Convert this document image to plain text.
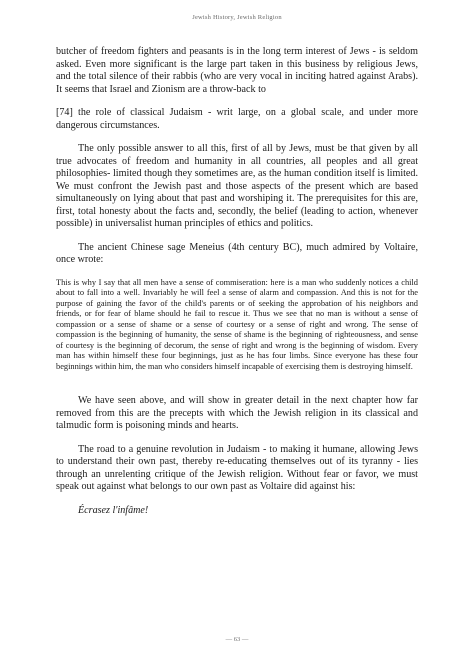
Jewish History, Jewish Religion

butcher of freedom fighters and peasants is in the long term interest of Jews - is seldom asked. Even more significant is the large part taken in this business by religious Jews, and the total silence of their rabbis (who are very vocal in inciting hatred against Arabs). It seems that Israel and Zionism are a throw-back to

[74] the role of classical Judaism - writ large, on a global scale, and under more dangerous circumstances.

The only possible answer to all this, first of all by Jews, must be that given by all true advocates of freedom and humanity in all countries, all peoples and all great philosophies- limited though they sometimes are, as the human condition itself is limited. We must confront the Jewish past and those aspects of the present which are based simultaneously on lying about that past and worshiping it. The prerequisites for this are, first, total honesty about the facts and, secondly, the belief (leading to action, whenever possible) in universalist human principles of ethics and politics.

The ancient Chinese sage Meneius (4th century BC), much admired by Voltaire, once wrote:

This is why I say that all men have a sense of commiseration: here is a man who suddenly notices a child about to fall into a well. Invariably he will feel a sense of alarm and compassion. And this is not for the purpose of gaining the favor of the child's parents or of seeking the approbation of his neighbors and friends, or for fear of blame should he fail to rescue it. Thus we see that no man is without a sense of compassion or a sense of shame or a sense of courtesy or a sense of right and wrong. The sense of compassion is the beginning of humanity, the sense of shame is the beginning of righteousness, and sense of courtesy is the beginning of decorum, the sense of right and wrong is the beginning of wisdom. Every man has within himself these four beginnings, just as he has four limbs. Since everyone has these four beginnings within him, the man who considers himself incapable of exercising them is destroying himself.

We have seen above, and will show in greater detail in the next chapter how far removed from this are the precepts with which the Jewish religion in its classical and talmudic form is poisoning minds and hearts.

The road to a genuine revolution in Judaism - to making it humane, allowing Jews to understand their own past, thereby re-educating themselves out of its tyranny - lies through an unrelenting critique of the Jewish religion. Without fear or favor, we must speak out against what belongs to our own past as Voltaire did against his:

Écrasez l'infâme!

— 63 —
